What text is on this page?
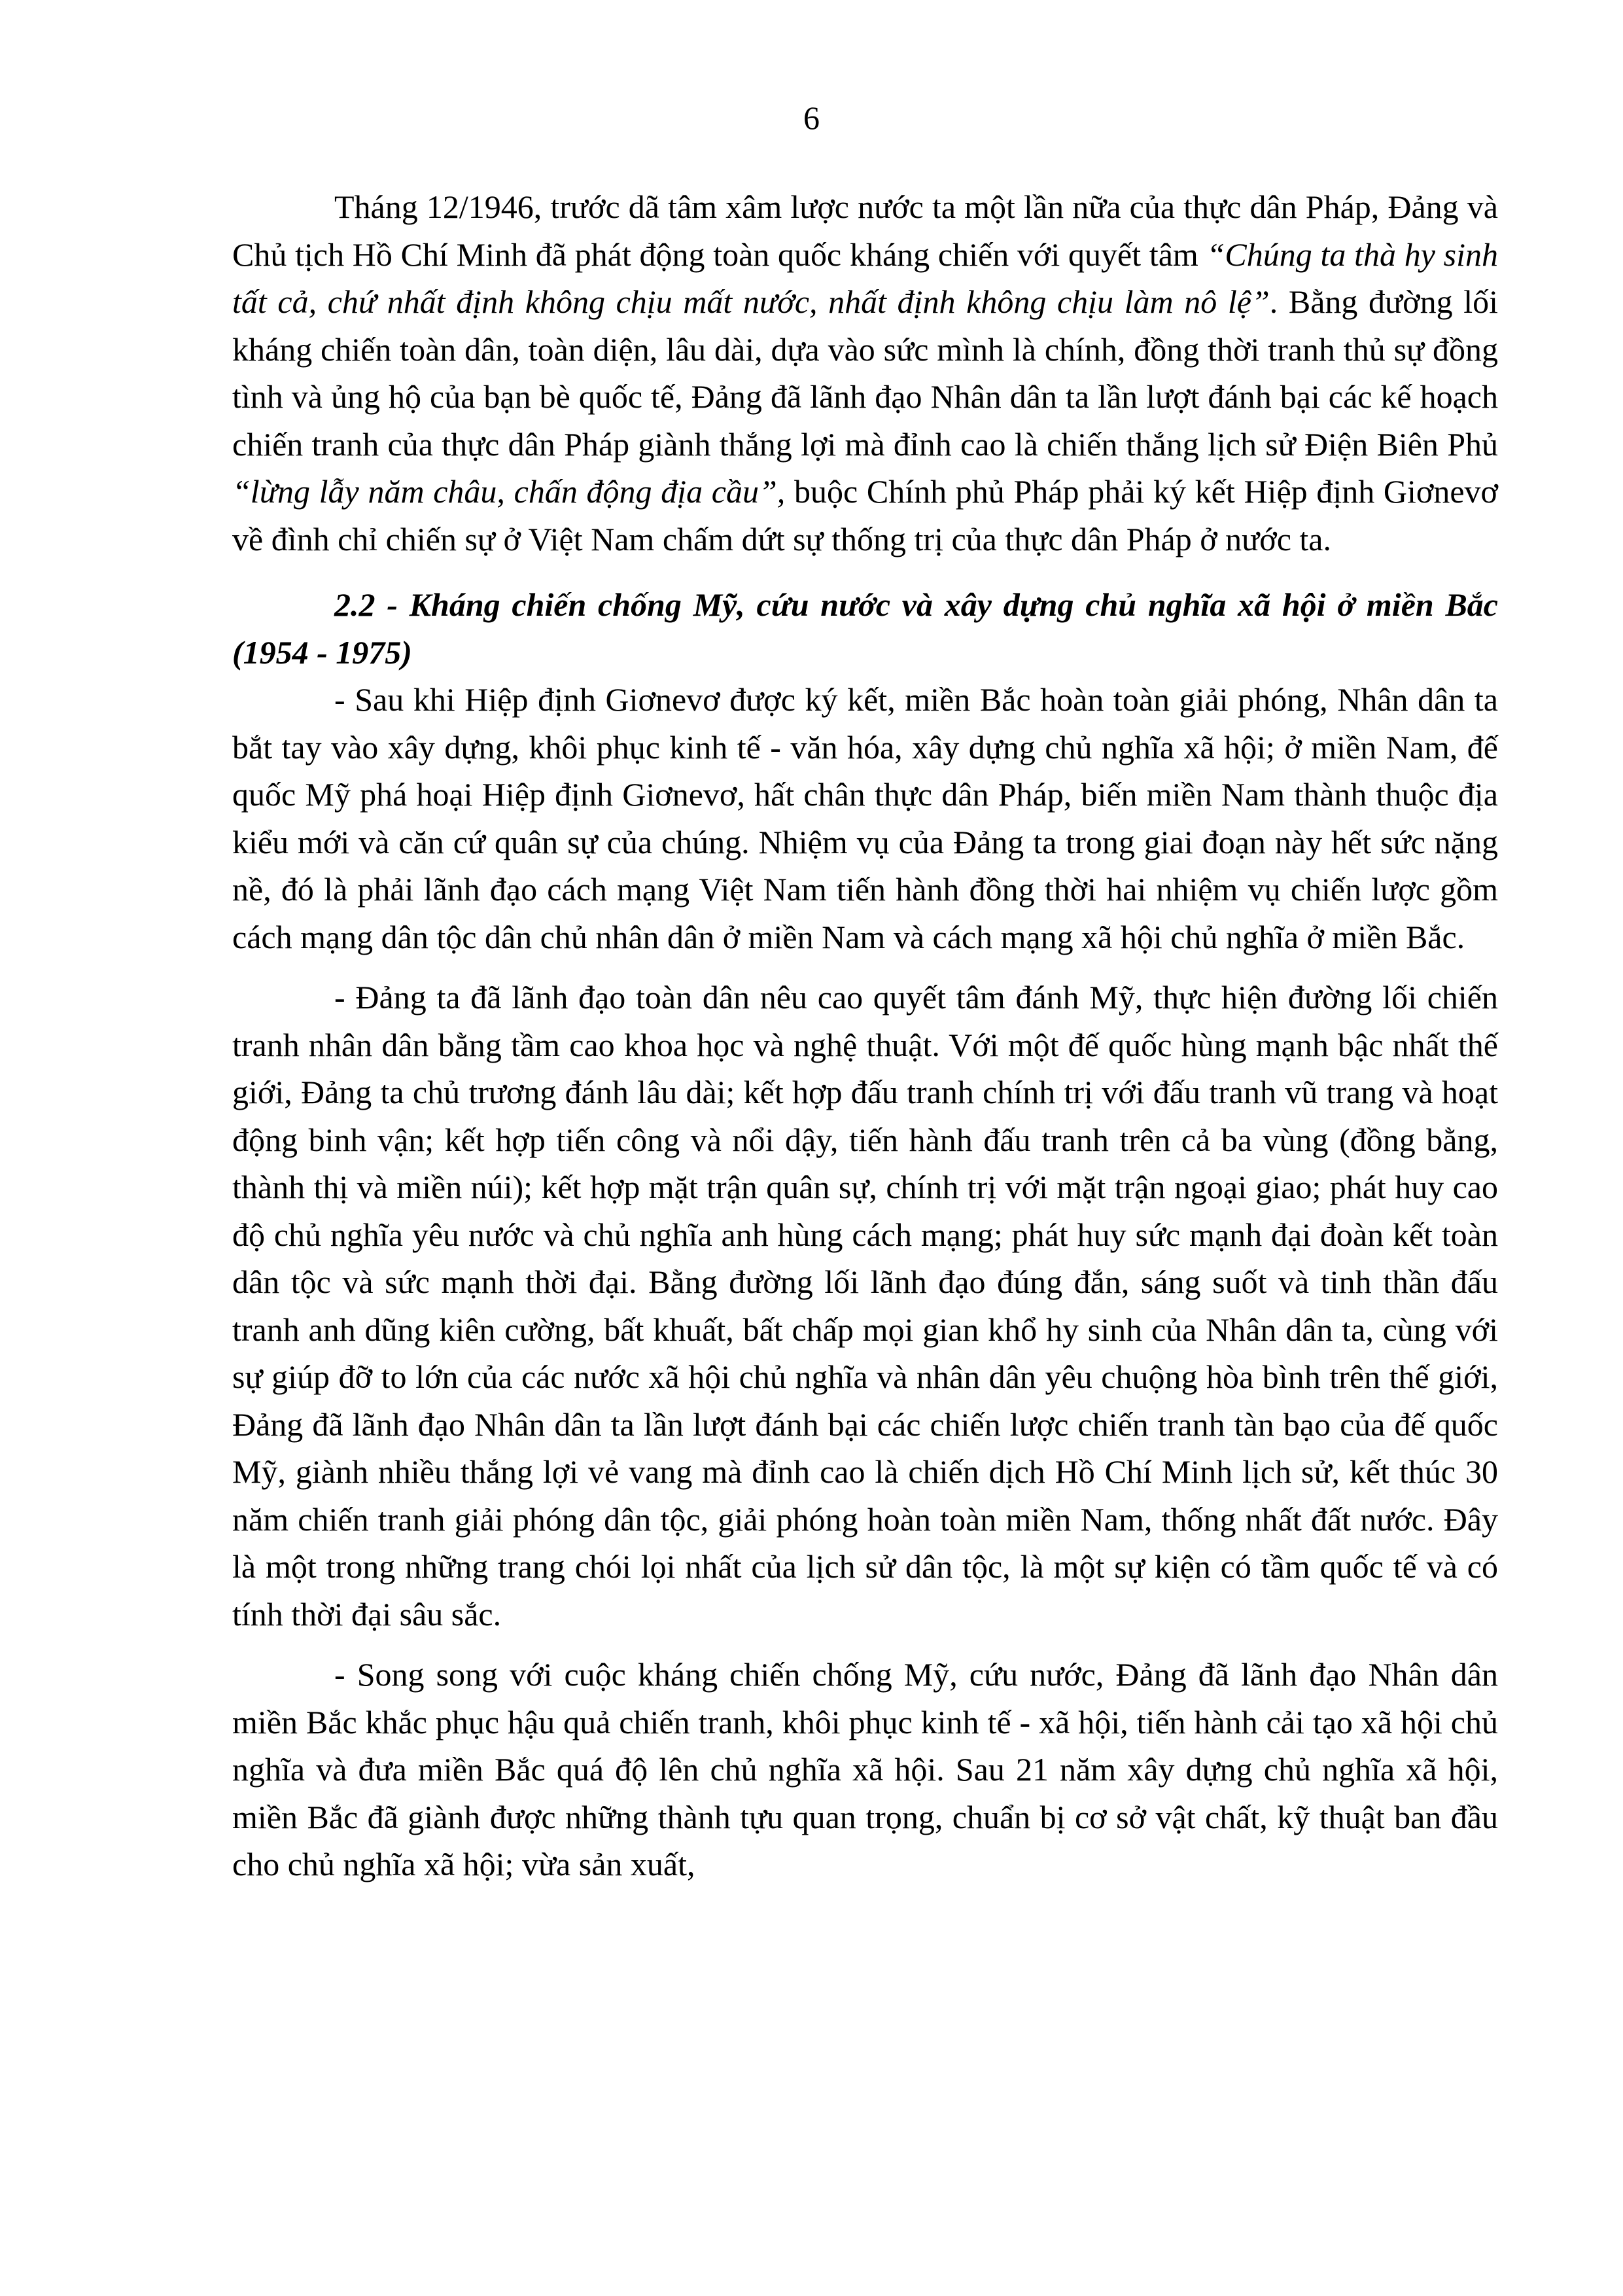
6

Tháng 12/1946, trước dã tâm xâm lược nước ta một lần nữa của thực dân Pháp, Đảng và Chủ tịch Hồ Chí Minh đã phát động toàn quốc kháng chiến với quyết tâm “Chúng ta thà hy sinh tất cả, chứ nhất định không chịu mất nước, nhất định không chịu làm nô lệ”. Bằng đường lối kháng chiến toàn dân, toàn diện, lâu dài, dựa vào sức mình là chính, đồng thời tranh thủ sự đồng tình và ủng hộ của bạn bè quốc tế, Đảng đã lãnh đạo Nhân dân ta lần lượt đánh bại các kế hoạch chiến tranh của thực dân Pháp giành thắng lợi mà đỉnh cao là chiến thắng lịch sử Điện Biên Phủ “lừng lẫy năm châu, chấn động địa cầu”, buộc Chính phủ Pháp phải ký kết Hiệp định Giơnevơ về đình chỉ chiến sự ở Việt Nam chấm dứt sự thống trị của thực dân Pháp ở nước ta.

2.2 - Kháng chiến chống Mỹ, cứu nước và xây dựng chủ nghĩa xã hội ở miền Bắc (1954 - 1975)

- Sau khi Hiệp định Giơnevơ được ký kết, miền Bắc hoàn toàn giải phóng, Nhân dân ta bắt tay vào xây dựng, khôi phục kinh tế - văn hóa, xây dựng chủ nghĩa xã hội; ở miền Nam, đế quốc Mỹ phá hoại Hiệp định Giơnevơ, hất chân thực dân Pháp, biến miền Nam thành thuộc địa kiểu mới và căn cứ quân sự của chúng. Nhiệm vụ của Đảng ta trong giai đoạn này hết sức nặng nề, đó là phải lãnh đạo cách mạng Việt Nam tiến hành đồng thời hai nhiệm vụ chiến lược gồm cách mạng dân tộc dân chủ nhân dân ở miền Nam và cách mạng xã hội chủ nghĩa ở miền Bắc.

- Đảng ta đã lãnh đạo toàn dân nêu cao quyết tâm đánh Mỹ, thực hiện đường lối chiến tranh nhân dân bằng tầm cao khoa học và nghệ thuật. Với một đế quốc hùng mạnh bậc nhất thế giới, Đảng ta chủ trương đánh lâu dài; kết hợp đấu tranh chính trị với đấu tranh vũ trang và hoạt động binh vận; kết hợp tiến công và nổi dậy, tiến hành đấu tranh trên cả ba vùng (đồng bằng, thành thị và miền núi); kết hợp mặt trận quân sự, chính trị với mặt trận ngoại giao; phát huy cao độ chủ nghĩa yêu nước và chủ nghĩa anh hùng cách mạng; phát huy sức mạnh đại đoàn kết toàn dân tộc và sức mạnh thời đại. Bằng đường lối lãnh đạo đúng đắn, sáng suốt và tinh thần đấu tranh anh dũng kiên cường, bất khuất, bất chấp mọi gian khổ hy sinh của Nhân dân ta, cùng với sự giúp đỡ to lớn của các nước xã hội chủ nghĩa và nhân dân yêu chuộng hòa bình trên thế giới, Đảng đã lãnh đạo Nhân dân ta lần lượt đánh bại các chiến lược chiến tranh tàn bạo của đế quốc Mỹ, giành nhiều thắng lợi vẻ vang mà đỉnh cao là chiến dịch Hồ Chí Minh lịch sử, kết thúc 30 năm chiến tranh giải phóng dân tộc, giải phóng hoàn toàn miền Nam, thống nhất đất nước. Đây là một trong những trang chói lọi nhất của lịch sử dân tộc, là một sự kiện có tầm quốc tế và có tính thời đại sâu sắc.

- Song song với cuộc kháng chiến chống Mỹ, cứu nước, Đảng đã lãnh đạo Nhân dân miền Bắc khắc phục hậu quả chiến tranh, khôi phục kinh tế - xã hội, tiến hành cải tạo xã hội chủ nghĩa và đưa miền Bắc quá độ lên chủ nghĩa xã hội. Sau 21 năm xây dựng chủ nghĩa xã hội, miền Bắc đã giành được những thành tựu quan trọng, chuẩn bị cơ sở vật chất, kỹ thuật ban đầu cho chủ nghĩa xã hội; vừa sản xuất,
